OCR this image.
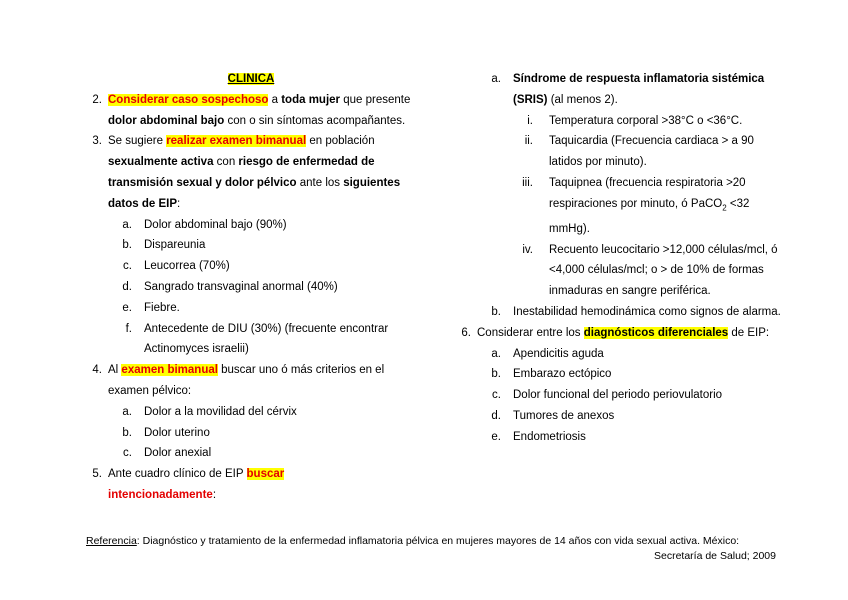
CLINICA
2. Considerar caso sospechoso a toda mujer que presente dolor abdominal bajo con o sin síntomas acompañantes.
3. Se sugiere realizar examen bimanual en población sexualmente activa con riesgo de enfermedad de transmisión sexual y dolor pélvico ante los siguientes datos de EIP:
a. Dolor abdominal bajo (90%)
b. Dispareunia
c. Leucorrea (70%)
d. Sangrado transvaginal anormal (40%)
e. Fiebre.
f. Antecedente de DIU (30%) (frecuente encontrar Actinomyces israelii)
4. Al examen bimanual buscar uno ó más criterios en el examen pélvico:
a. Dolor a la movilidad del cérvix
b. Dolor uterino
c. Dolor anexial
5. Ante cuadro clínico de EIP buscar
intencionadamente:
a. Síndrome de respuesta inflamatoria sistémica (SRIS) (al menos 2).
i. Temperatura corporal >38°C o <36°C.
ii. Taquicardia (Frecuencia cardiaca > a 90 latidos por minuto).
iii. Taquipnea (frecuencia respiratoria >20 respiraciones por minuto, ó PaCO$_2$ <32 mmHg).
iv. Recuento leucocitario >12,000 células/mcl, ó <4,000 células/mcl; o > de 10% de formas inmaduras en sangre periférica.
b. Inestabilidad hemodinámica como signos de alarma.
6. Considerar entre los diagnósticos diferenciales de EIP:
a. Apendicitis aguda
b. Embarazo ectópico
c. Dolor funcional del periodo periovulatorio
d. Tumores de anexos
e. Endometriosis
Referencia: Diagnóstico y tratamiento de la enfermedad inflamatoria pélvica en mujeres mayores de 14 años con vida sexual activa. México:
Secretaría de Salud; 2009
